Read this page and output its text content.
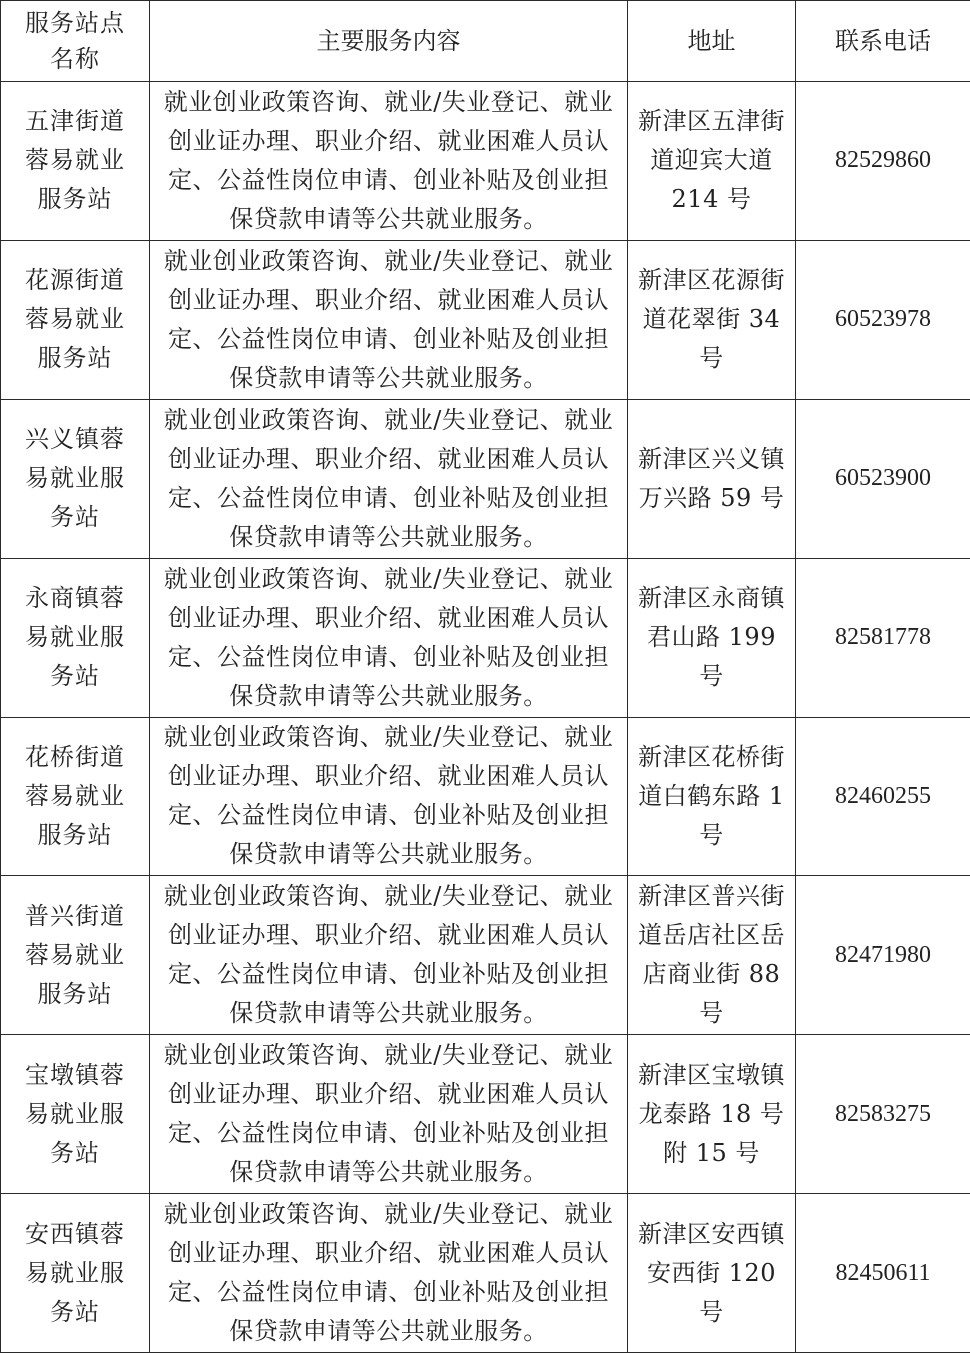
服务站点名称	主要服务内容	地址	联系电话
五津街道蓉易就业服务站	就业创业政策咨询、就业/失业登记、就业创业证办理、职业介绍、就业困难人员认定、公益性岗位申请、创业补贴及创业担保贷款申请等公共就业服务。	新津区五津街道迎宾大道 214 号	82529860
花源街道蓉易就业服务站	就业创业政策咨询、就业/失业登记、就业创业证办理、职业介绍、就业困难人员认定、公益性岗位申请、创业补贴及创业担保贷款申请等公共就业服务。	新津区花源街道花翠街 34 号	60523978
兴义镇蓉易就业服务站	就业创业政策咨询、就业/失业登记、就业创业证办理、职业介绍、就业困难人员认定、公益性岗位申请、创业补贴及创业担保贷款申请等公共就业服务。	新津区兴义镇万兴路 59 号	60523900
永商镇蓉易就业服务站	就业创业政策咨询、就业/失业登记、就业创业证办理、职业介绍、就业困难人员认定、公益性岗位申请、创业补贴及创业担保贷款申请等公共就业服务。	新津区永商镇君山路 199 号	82581778
花桥街道蓉易就业服务站	就业创业政策咨询、就业/失业登记、就业创业证办理、职业介绍、就业困难人员认定、公益性岗位申请、创业补贴及创业担保贷款申请等公共就业服务。	新津区花桥街道白鹤东路 1 号	82460255
普兴街道蓉易就业服务站	就业创业政策咨询、就业/失业登记、就业创业证办理、职业介绍、就业困难人员认定、公益性岗位申请、创业补贴及创业担保贷款申请等公共就业服务。	新津区普兴街道岳店社区岳店商业街 88 号	82471980
宝墩镇蓉易就业服务站	就业创业政策咨询、就业/失业登记、就业创业证办理、职业介绍、就业困难人员认定、公益性岗位申请、创业补贴及创业担保贷款申请等公共就业服务。	新津区宝墩镇龙泰路 18 号附 15 号	82583275
安西镇蓉易就业服务站	就业创业政策咨询、就业/失业登记、就业创业证办理、职业介绍、就业困难人员认定、公益性岗位申请、创业补贴及创业担保贷款申请等公共就业服务。	新津区安西镇安西街 120 号	82450611
